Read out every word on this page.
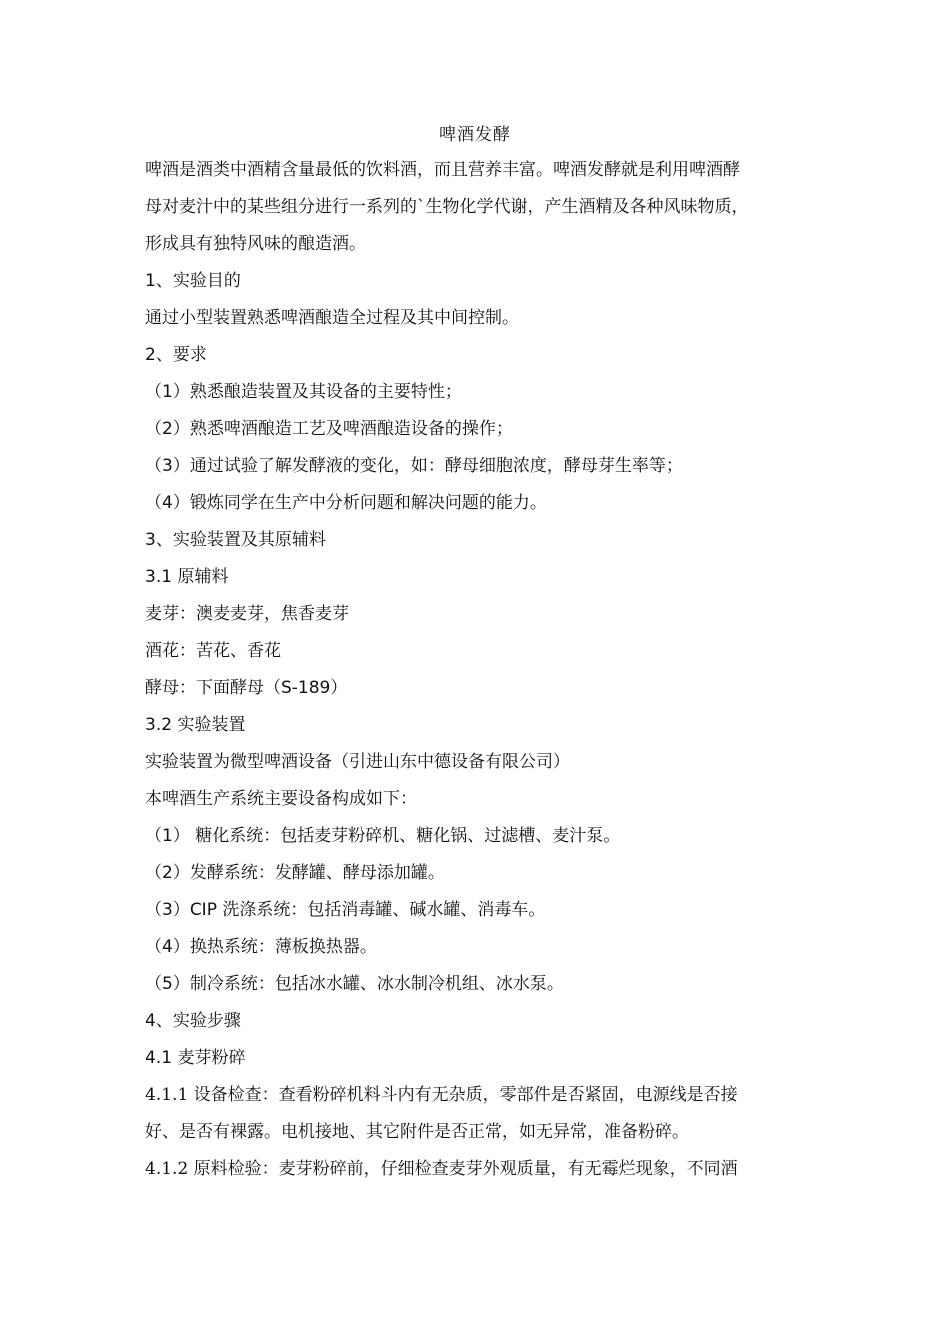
啤酒发酵
啤酒是酒类中酒精含量最低的饮料酒，而且营养丰富。啤酒发酵就是利用啤酒酵
母对麦汁中的某些组分进行一系列的`生物化学代谢，产生酒精及各种风味物质，
形成具有独特风味的酿造酒。
1、实验目的
通过小型装置熟悉啤酒酿造全过程及其中间控制。
2、要求
（1）熟悉酿造装置及其设备的主要特性；
（2）熟悉啤酒酿造工艺及啤酒酿造设备的操作；
（3）通过试验了解发酵液的变化，如：酵母细胞浓度，酵母芽生率等；
（4）锻炼同学在生产中分析问题和解决问题的能力。
3、实验装置及其原辅料
3.1 原辅料
麦芽：澳麦麦芽，焦香麦芽
酒花：苦花、香花
酵母：下面酵母（S-189）
3.2 实验装置
实验装置为微型啤酒设备（引进山东中德设备有限公司）
本啤酒生产系统主要设备构成如下：
（1） 糖化系统：包括麦芽粉碎机、糖化锅、过滤槽、麦汁泵。
（2）发酵系统：发酵罐、酵母添加罐。
（3）CIP 洗涤系统：包括消毒罐、碱水罐、消毒车。
（4）换热系统：薄板换热器。
（5）制冷系统：包括冰水罐、冰水制冷机组、冰水泵。
4、实验步骤
4.1 麦芽粉碎
4.1.1 设备检查：查看粉碎机料斗内有无杂质，零部件是否紧固，电源线是否接
好、是否有裸露。电机接地、其它附件是否正常，如无异常，准备粉碎。
4.1.2 原料检验：麦芽粉碎前，仔细检查麦芽外观质量，有无霉烂现象，不同酒
